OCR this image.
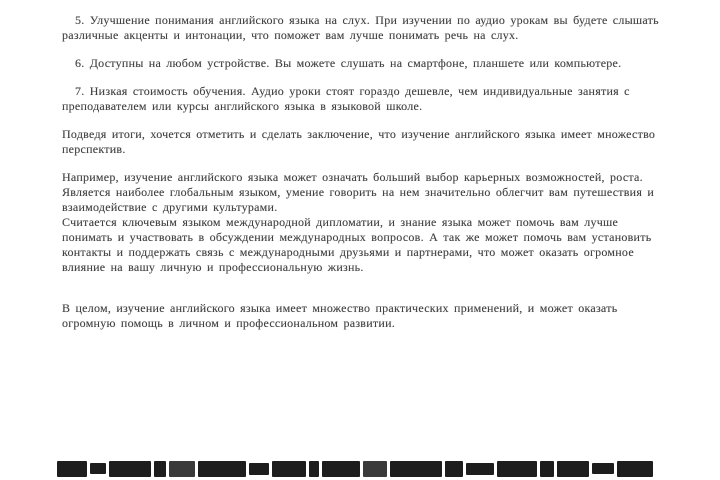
5. Улучшение понимания английского языка на слух. При изучении по аудио урокам вы будете слышать различные акценты и интонации, что поможет вам лучше понимать речь на слух.
6. Доступны на любом устройстве. Вы можете слушать на смартфоне, планшете или компьютере.
7. Низкая стоимость обучения. Аудио уроки стоят гораздо дешевле, чем индивидуальные занятия с преподавателем или курсы английского языка в языковой школе.
Подведя итоги, хочется отметить и сделать заключение, что изучение английского языка имеет множество перспектив.
Например, изучение английского языка может означать больший выбор карьерных возможностей, роста.
Является наиболее глобальным языком, умение говорить на нем значительно облегчит вам путешествия и взаимодействие с другими культурами.
Считается ключевым языком международной дипломатии, и знание языка может помочь вам лучше понимать и участвовать в обсуждении международных вопросов. А так же может помочь вам установить контакты и поддержать связь с международными друзьями и партнерами, что может оказать огромное влияние на вашу личную и профессиональную жизнь.
В целом, изучение английского языка имеет множество практических применений, и может оказать огромную помощь в личном и профессиональном развитии.
